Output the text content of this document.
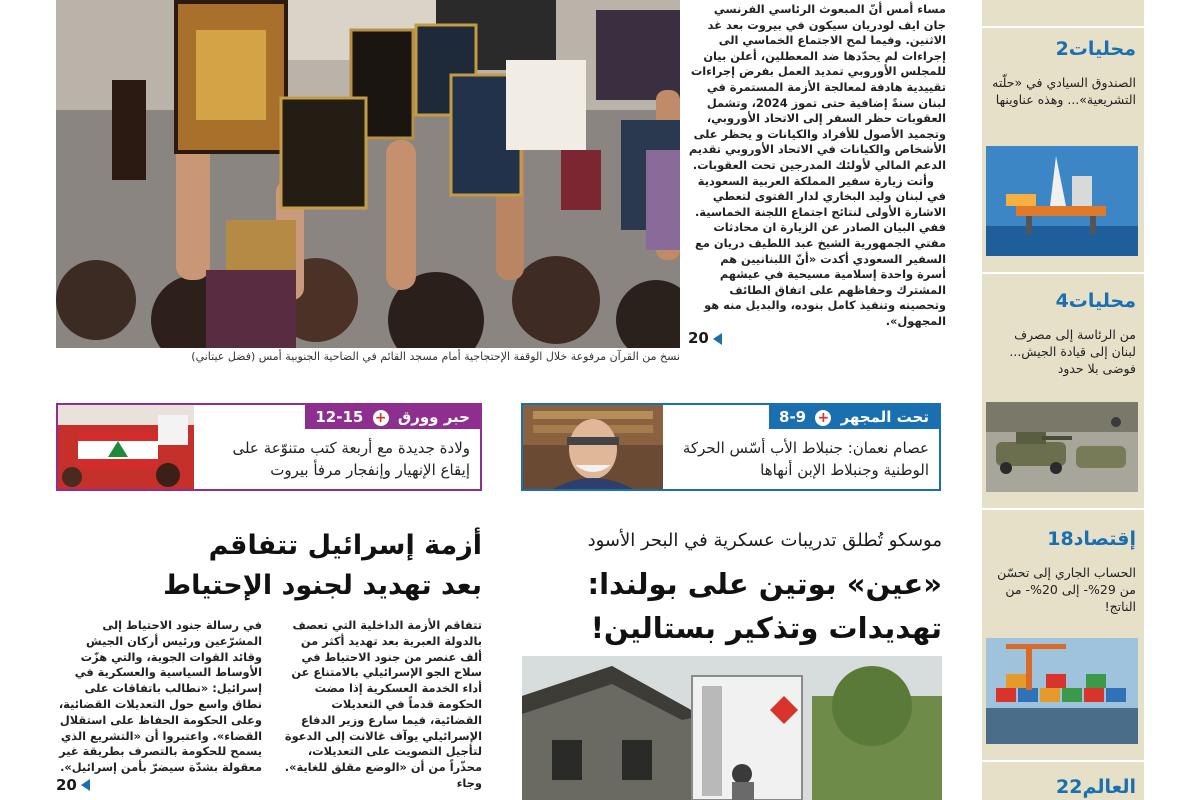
نسخ من القرآن مرفوعة خلال الوقفة الإحتجاجية أمام مسجد القائم في الضاحية الجنوبية أمس (فضل عيتاني)

مساء أمس أنّ المبعوث الرئاسي الفرنسي جان ايف لودريان سيكون في بيروت بعد غد الاثنين. وفيما لمح الاجتماع الخماسي الى إجراءات لم يحدّدها ضد المعطلين، أعلن بيان للمجلس الأوروبي تمديد العمل بفرض إجراءات تقييدية هادفة لمعالجة الأزمة المستمرة في لبنان سنةً إضافية حتى تموز 2024، وتشمل العقوبات حظر السفر إلى الاتحاد الأوروبي، وتجميد الأصول للأفراد والكيانات و يحظر على الأشخاص والكيانات في الاتحاد الأوروبي تقديم الدعم المالي لأولئك المدرجين تحت العقوبات.

وأتت زيارة سفير المملكة العربية السعودية في لبنان وليد البخاري لدار الفتوى لتعطي الاشارة الأولى لنتائج اجتماع اللجنة الخماسية. ففي البيان الصادر عن الزيارة ان محادثات مفتي الجمهورية الشيخ عبد اللطيف دريان مع السفير السعودي أكدت «أنّ اللبنانيين هم أسرة واحدة إسلامية مسيحية في عيشهم المشترك وحفاظهم على اتفاق الطائف وتحصينه وتنفيذ كامل بنوده، والبديل منه هو المجهول».

20
تحت المجهر + 9-8
عصام نعمان: جنبلاط الأب أسّس الحركة الوطنية وجنبلاط الإبن أنهاها
حبر وورق + 15-12
ولادة جديدة مع أربعة كتب متنوّعة على إيقاع الإنهيار وإنفجار مرفأ بيروت
موسكو تُطلق تدريبات عسكرية في البحر الأسود
«عين» بوتين على بولندا:
تهديدات وتذكير بستالين!
أزمة إسرائيل تتفاقم
بعد تهديد لجنود الإحتياط
تتفاقم الأزمة الداخلية التي تعصف بالدولة العبرية بعد تهديد أكثر من ألف عنصر من جنود الاحتياط في سلاح الجو الإسرائيلي بالامتناع عن أداء الخدمة العسكرية إذا مضت الحكومة قدماً في التعديلات القضائية، فيما سارع وزير الدفاع الإسرائيلي يوآف غالانت إلى الدعوة لتأجيل التصويت على التعديلات، محذّراً من أن «الوضع مقلق للغاية». وجاء
في رسالة جنود الاحتياط إلى المشرّعين ورئيس أركان الجيش وقائد القوات الجوية، والتي هزّت الأوساط السياسية والعسكرية في إسرائيل: «نطالب باتفاقات على نطاق واسع حول التعديلات القضائية، وعلى الحكومة الحفاظ على استقلال القضاء». واعتبروا أن «التشريع الذي يسمح للحكومة بالتصرف بطريقة غير معقولة بشدّة سيضرّ بأمن إسرائيل».
20
محليات2
الصندوق السيادي في «حلّته التشريعية»... وهذه عناوينها
محليات4
من الرئاسة إلى مصرف لبنان إلى قيادة الجيش... فوضى بلا حدود
إقتصاد18
الحساب الجاري إلى تحسّن من 29%- إلى 20%- من الناتج!
العالم22
